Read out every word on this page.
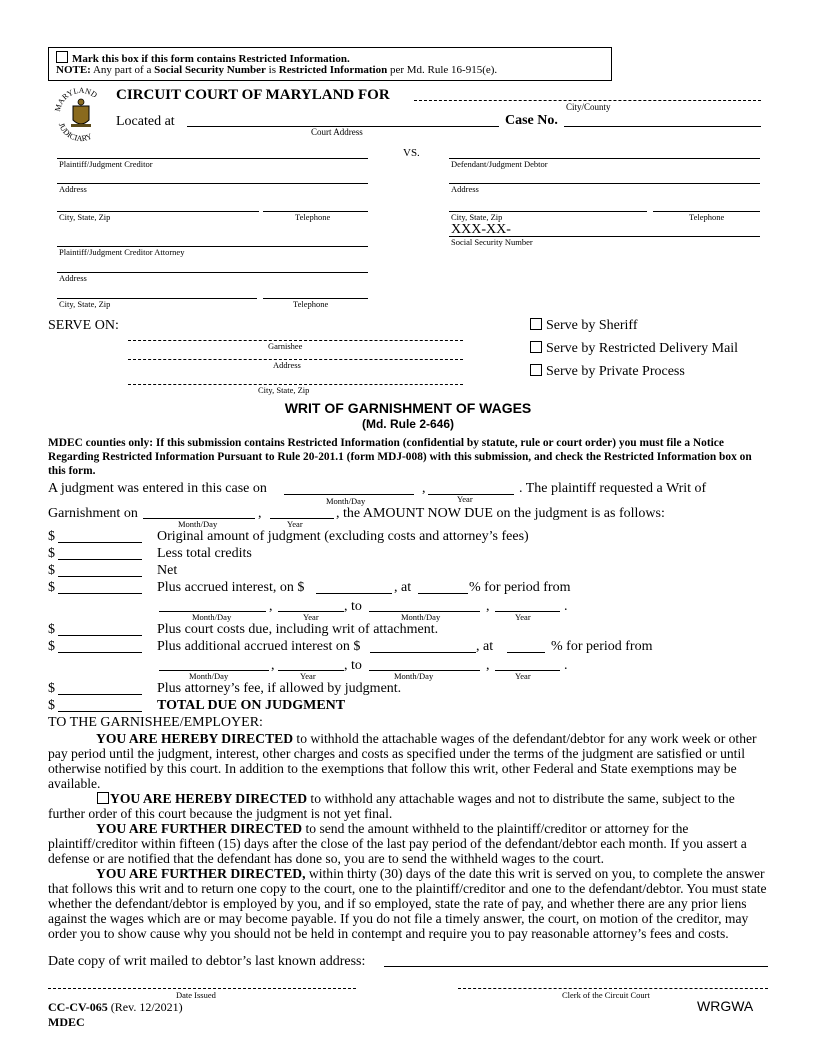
Mark this box if this form contains Restricted Information.
NOTE: Any part of a Social Security Number is Restricted Information per Md. Rule 16-915(e).
MARYLAND
JUDICIARY
CIRCUIT COURT OF MARYLAND FOR
City/County
Located at
Court Address
Case No.
Plaintiff/Judgment Creditor
VS.
Address
City, State, Zip	Telephone
Plaintiff/Judgment Creditor Attorney
Address
City, State, Zip	Telephone
Defendant/Judgment Debtor
Address
City, State, Zip	Telephone
XXX-XX-
Social Security Number
SERVE ON:
Garnishee
Address
City, State, Zip
Serve by Sheriff
Serve by Restricted Delivery Mail
Serve by Private Process
WRIT OF GARNISHMENT OF WAGES
(Md. Rule 2-646)
MDEC counties only: If this submission contains Restricted Information (confidential by statute, rule or court order) you must file a Notice Regarding Restricted Information Pursuant to Rule 20-201.1 (form MDJ-008) with this submission, and check the Restricted Information box on this form.
A judgment was entered in this case on	,	. The plaintiff requested a Writ of
Month/Day	Year
Garnishment on	,	, the AMOUNT NOW DUE on the judgment is as follows:
Month/Day	Year
$	Original amount of judgment (excluding costs and attorney’s fees)
$	Less total credits
$	Net
$	Plus accrued interest, on $	, at	% for period from
,	, to	,	.
Month/Day	Year	Month/Day	Year
$	Plus court costs due, including writ of attachment.
$	Plus additional accrued interest on $	, at	% for period from
,	, to	,	.
Month/Day	Year	Month/Day	Year
$	Plus attorney’s fee, if allowed by judgment.
$	TOTAL DUE ON JUDGMENT
TO THE GARNISHEE/EMPLOYER:
YOU ARE HEREBY DIRECTED to withhold the attachable wages of the defendant/debtor for any work week or other pay period until the judgment, interest, other charges and costs as specified under the terms of the judgment are satisfied or until otherwise notified by this court. In addition to the exemptions that follow this writ, other Federal and State exemptions may be available.
YOU ARE HEREBY DIRECTED to withhold any attachable wages and not to distribute the same, subject to the further order of this court because the judgment is not yet final.
YOU ARE FURTHER DIRECTED to send the amount withheld to the plaintiff/creditor or attorney for the plaintiff/creditor within fifteen (15) days after the close of the last pay period of the defendant/debtor each month. If you assert a defense or are notified that the defendant has done so, you are to send the withheld wages to the court.
YOU ARE FURTHER DIRECTED, within thirty (30) days of the date this writ is served on you, to complete the answer that follows this writ and to return one copy to the court, one to the plaintiff/creditor and one to the defendant/debtor. You must state whether the defendant/debtor is employed by you, and if so employed, state the rate of pay, and whether there are any prior liens against the wages which are or may become payable. If you do not file a timely answer, the court, on motion of the creditor, may order you to show cause why you should not be held in contempt and require you to pay reasonable attorney’s fees and costs.
Date copy of writ mailed to debtor’s last known address:
Date Issued	Clerk of the Circuit Court
CC-CV-065 (Rev. 12/2021)
MDEC
WRGWA
